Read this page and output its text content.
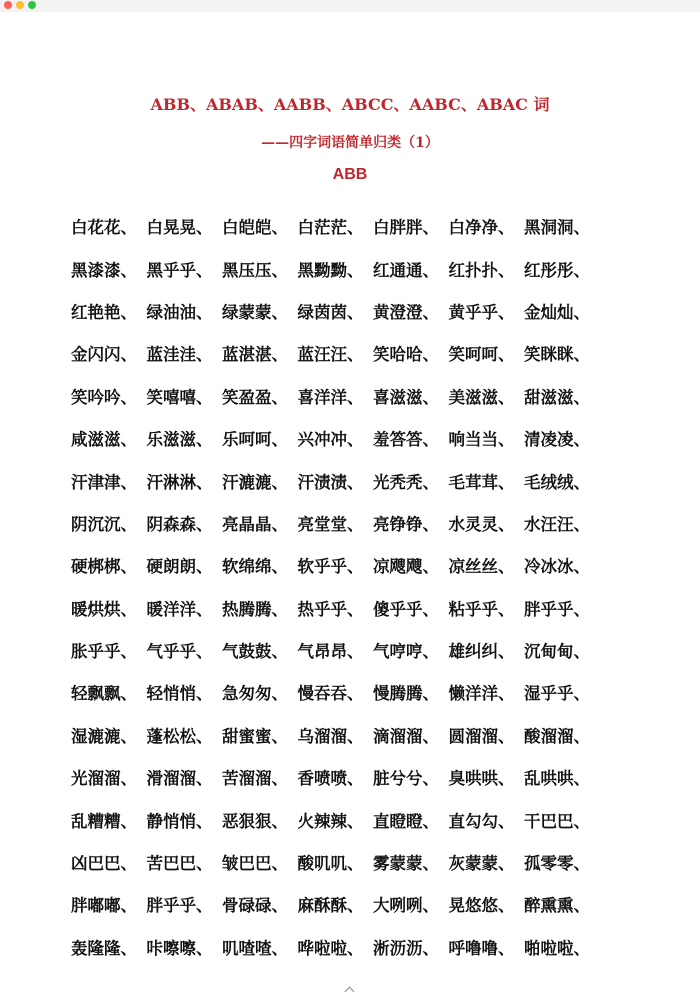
ABB、ABAB、AABB、ABCC、AABC、ABAC 词
——四字词语简单归类（1）
ABB
白花花、 白晃晃、 白皑皑、 白茫茫、 白胖胖、 白净净、 黑洞洞、
黑漆漆、 黑乎乎、 黑压压、 黑黝黝、 红通通、 红扑扑、 红彤彤、
红艳艳、 绿油油、 绿蒙蒙、 绿茵茵、 黄澄澄、 黄乎乎、 金灿灿、
金闪闪、 蓝洼洼、 蓝湛湛、 蓝汪汪、 笑哈哈、 笑呵呵、 笑眯眯、
笑吟吟、 笑嘻嘻、 笑盈盈、 喜洋洋、 喜滋滋、 美滋滋、 甜滋滋、
咸滋滋、 乐滋滋、 乐呵呵、 兴冲冲、 羞答答、 响当当、 清凌凌、
汗津津、 汗淋淋、 汗漉漉、 汗渍渍、 光秃秃、 毛茸茸、 毛绒绒、
阴沉沉、 阴森森、 亮晶晶、 亮堂堂、 亮铮铮、 水灵灵、 水汪汪、
硬梆梆、 硬朗朗、 软绵绵、 软乎乎、 凉飕飕、 凉丝丝、 冷冰冰、
暖烘烘、 暖洋洋、 热腾腾、 热乎乎、 傻乎乎、 粘乎乎、 胖乎乎、
胀乎乎、 气乎乎、 气鼓鼓、 气昂昂、 气哼哼、 雄纠纠、 沉甸甸、
轻飘飘、 轻悄悄、 急匆匆、 慢吞吞、 慢腾腾、 懒洋洋、 湿乎乎、
湿漉漉、 蓬松松、 甜蜜蜜、 乌溜溜、 滴溜溜、 圆溜溜、 酸溜溜、
光溜溜、 滑溜溜、 苦溜溜、 香喷喷、 脏兮兮、 臭哄哄、 乱哄哄、
乱糟糟、 静悄悄、 恶狠狠、 火辣辣、 直瞪瞪、 直勾勾、 干巴巴、
凶巴巴、 苦巴巴、 皱巴巴、 酸叽叽、 雾蒙蒙、 灰蒙蒙、 孤零零、
胖嘟嘟、 胖乎乎、 骨碌碌、 麻酥酥、 大咧咧、 晃悠悠、 醉熏熏、
轰隆隆、 咔嚓嚓、 叽喳喳、 哗啦啦、 淅沥沥、 呼噜噜、 啪啦啦、
